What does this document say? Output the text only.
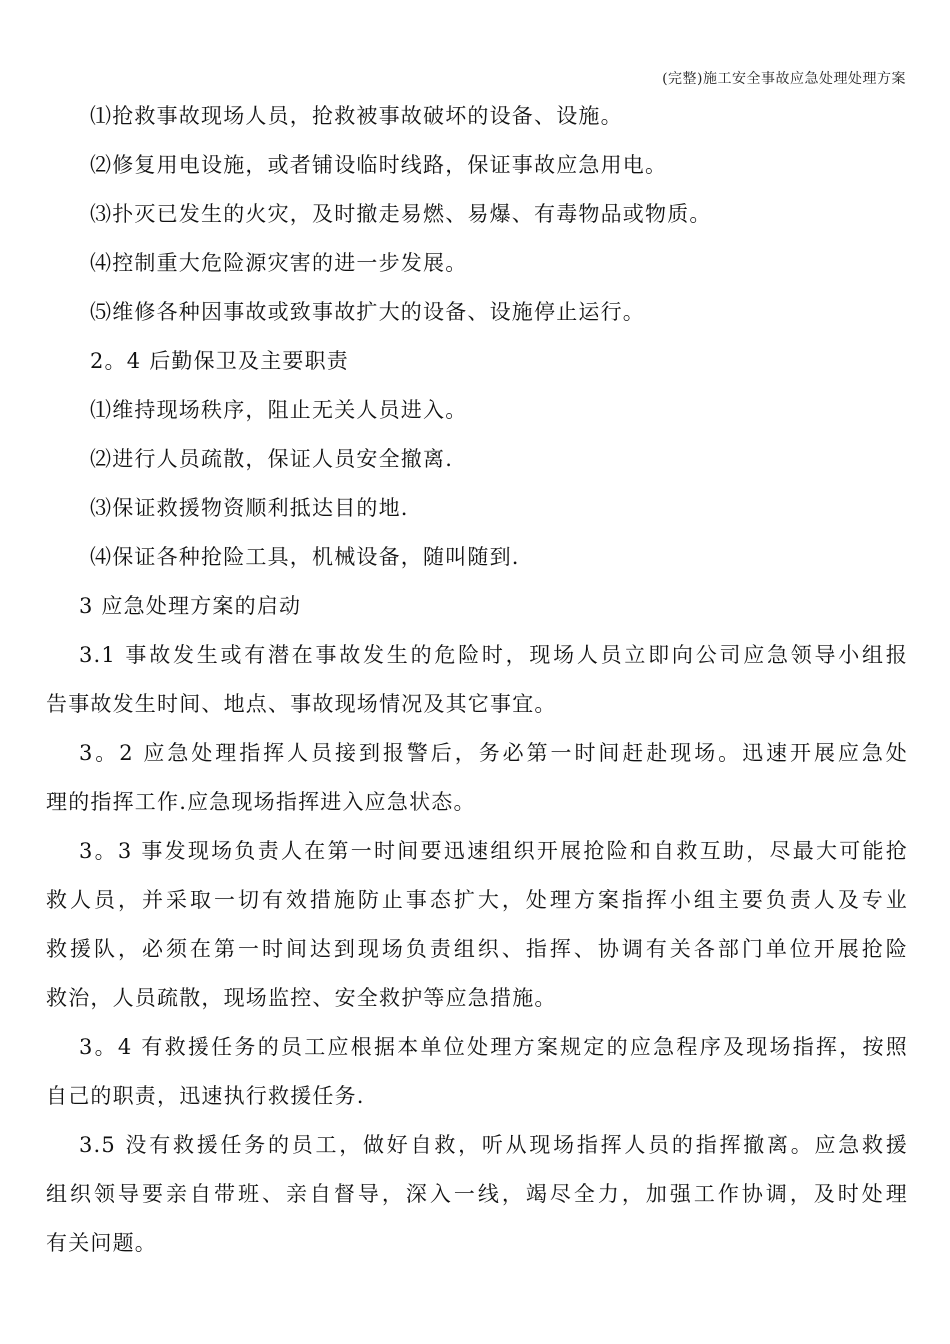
(完整)施工安全事故应急处理处理方案
⑴抢救事故现场人员，抢救被事故破坏的设备、设施。
⑵修复用电设施，或者铺设临时线路，保证事故应急用电。
⑶扑灭已发生的火灾，及时撤走易燃、易爆、有毒物品或物质。
⑷控制重大危险源灾害的进一步发展。
⑸维修各种因事故或致事故扩大的设备、设施停止运行。
2。4 后勤保卫及主要职责
⑴维持现场秩序，阻止无关人员进入。
⑵进行人员疏散，保证人员安全撤离.
⑶保证救援物资顺利抵达目的地.
⑷保证各种抢险工具，机械设备，随叫随到.
3 应急处理方案的启动
3.1 事故发生或有潜在事故发生的危险时，现场人员立即向公司应急领导小组报
告事故发生时间、地点、事故现场情况及其它事宜。
3。2 应急处理指挥人员接到报警后，务必第一时间赶赴现场。迅速开展应急处
理的指挥工作.应急现场指挥进入应急状态。
3。3 事发现场负责人在第一时间要迅速组织开展抢险和自救互助，尽最大可能抢
救人员，并采取一切有效措施防止事态扩大，处理方案指挥小组主要负责人及专业
救援队，必须在第一时间达到现场负责组织、指挥、协调有关各部门单位开展抢险
救治，人员疏散，现场监控、安全救护等应急措施。
3。4 有救援任务的员工应根据本单位处理方案规定的应急程序及现场指挥，按照
自己的职责，迅速执行救援任务.
3.5 没有救援任务的员工，做好自救，听从现场指挥人员的指挥撤离。应急救援
组织领导要亲自带班、亲自督导，深入一线，竭尽全力，加强工作协调，及时处理
有关问题。
